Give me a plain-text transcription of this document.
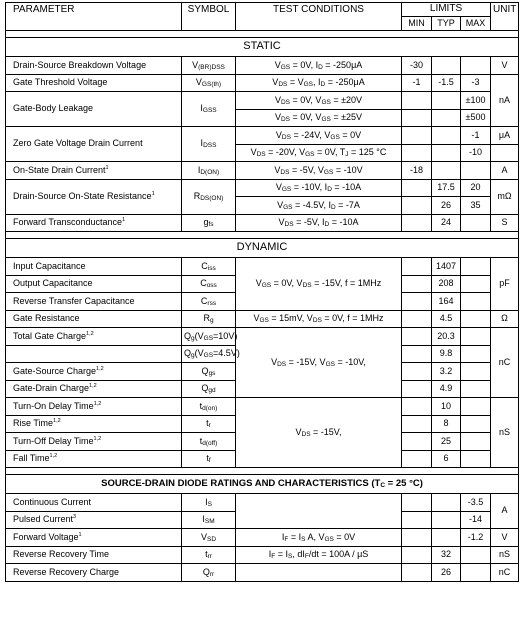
PARAMETER	SYMBOL	TEST CONDITIONS	LIMITS			UNIT
			MIN	TYP	MAX	

STATIC						
Drain-Source Breakdown Voltage	$V_{(BR)DSS}$	$V_{GS} = 0V$, $I_D = -250\mu A$	-30			V
Gate Threshold Voltage	$V_{GS(th)}$	$V_{DS} = V_{GS}$, $I_D = -250\mu A$	-1	-1.5	-3	nA
Gate-Body Leakage	$I_{GSS}$	$V_{DS} = 0V$, $V_{GS} = \pm 20V$			±100	
		$V_{DS} = 0V$, $V_{GS} = \pm 25V$			±500	
Zero Gate Voltage Drain Current	$I_{DSS}$	$V_{DS} = -24V$, $V_{GS} = 0V$			-1	μA
		$V_{DS} = -20V$, $V_{GS} = 0V$, $T_J = 125$ °C			-10	
On-State Drain Current$^1$	$I_{D(ON)}$	$V_{DS} = -5V$, $V_{GS} = -10V$	-18			A
Drain-Source On-State Resistance$^1$	$R_{DS(ON)}$	$V_{GS} = -10V$, $I_D = -10A$		17.5	20	mΩ
		$V_{GS} = -4.5V$, $I_D = -7A$		26	35	
Forward Transconductance$^1$	$g_{fs}$	$V_{DS} = -5V$, $I_D = -10A$		24		S

DYNAMIC						
Input Capacitance	$C_{iss}$	$V_{GS} = 0V$, $V_{DS} = -15V$, f = 1MHz		1407		pF
Output Capacitance	$C_{oss}$			208		
Reverse Transfer Capacitance	$C_{rss}$			164		
Gate Resistance	$R_g$	$V_{GS} = 15mV$, $V_{DS} = 0V$, f = 1MHz		4.5		Ω
Total Gate Charge$^{1,2}$	$Q_g(V_{GS}=10V)$	$V_{DS} = -15V$, $V_{GS} = -10V$,		20.3		nC
	$Q_g(V_{GS}=4.5V)$			9.8		
Gate-Source Charge$^{1,2}$	$Q_{gs}$			3.2		
Gate-Drain Charge$^{1,2}$	$Q_{gd}$			4.9		
Turn-On Delay Time$^{1,2}$	$t_{d(on)}$	$V_{DS} = -15V$,		10		nS
Rise Time$^{1,2}$	$t_r$			8		
Turn-Off Delay Time$^{1,2}$	$t_{d(off)}$			25		
Fall Time$^{1,2}$	$t_f$			6		

SOURCE-DRAIN DIODE RATINGS AND CHARACTERISTICS ($T_C = 25$ °C)						
Continuous Current	$I_S$				-3.5	A
Pulsed Current$^3$	$I_{SM}$				-14	
Forward Voltage$^1$	$V_{SD}$	$I_F = I_S$ A, $V_{GS} = 0V$			-1.2	V
Reverse Recovery Time	$t_{rr}$	$I_F = I_S$, $dI_F/dt = 100A / \mu S$		32		nS
Reverse Recovery Charge	$Q_{rr}$			26		nC
